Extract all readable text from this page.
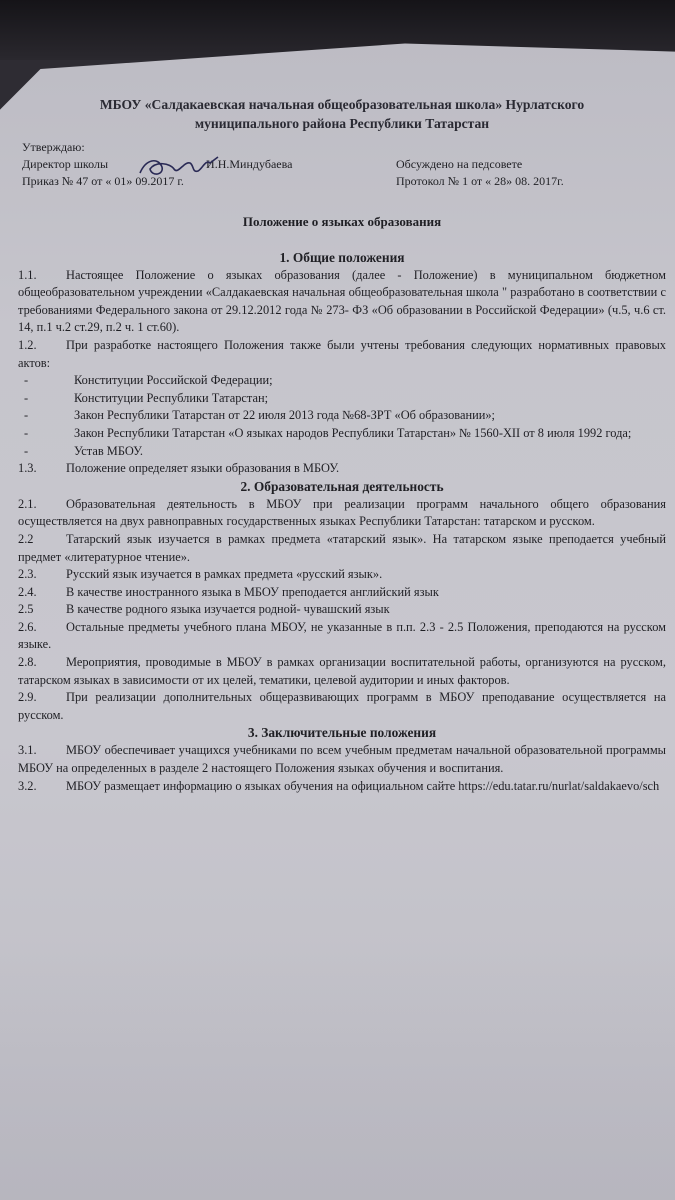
МБОУ «Салдакаевская начальная общеобразовательная школа» Нурлатского
муниципального района Республики Татарстан
Утверждаю:
Директор школы	И.Н.Миндубаева
Приказ № 47 от « 01» 09.2017 г.
Обсуждено на педсовете
Протокол № 1 от « 28» 08. 2017г.
Положение о языках образования
1. Общие положения

1.1. Настоящее Положение о языках образования (далее - Положение) в муниципальном бюджетном общеобразовательном учреждении «Салдакаевская начальная общеобразовательная школа " разработано в соответствии с требованиями Федерального закона от 29.12.2012 года № 273- ФЗ «Об образовании в Российской Федерации» (ч.5, ч.6 ст. 14, п.1 ч.2 ст.29, п.2 ч. 1 ст.60).

1.2. При разработке настоящего Положения также были учтены требования следующих нормативных правовых актов:

-	Конституции Российской Федерации;

-	Конституции Республики Татарстан;

-	Закон Республики Татарстан от 22 июля 2013 года №68-ЗРТ «Об образовании»;

-	Закон Республики Татарстан «О языках народов Республики Татарстан» № 1560-XII от 8 июля 1992 года;

-	Устав МБОУ.

1.3. Положение определяет языки образования в МБОУ.

2. Образовательная деятельность

2.1. Образовательная деятельность в МБОУ при реализации программ начального общего образования осуществляется на двух равноправных государственных языках Республики Татарстан: татарском и русском.

2.2	Татарский язык изучается в рамках предмета «татарский язык». На татарском языке преподается учебный предмет «литературное чтение».

2.3. Русский язык изучается в рамках предмета «русский язык».

2.4. В качестве иностранного языка в МБОУ преподается английский язык

2.5	В качестве родного языка изучается родной- чувашский язык

2.6. Остальные предметы учебного плана МБОУ, не указанные в п.п. 2.3 - 2.5 Положения, преподаются на русском языке.

2.8. Мероприятия, проводимые в МБОУ в рамках организации воспитательной работы, организуются на русском, татарском языках в зависимости от их целей, тематики, целевой аудитории и иных факторов.

2.9. При реализации дополнительных общеразвивающих программ в МБОУ преподавание осуществляется на русском.

3. Заключительные положения

3.1. МБОУ обеспечивает учащихся учебниками по всем учебным предметам начальной образовательной программы МБОУ на определенных в разделе 2 настоящего Положения языках обучения и воспитания.

3.2. МБОУ размещает информацию о языках обучения на официальном сайте https://edu.tatar.ru/nurlat/saldakaevo/sch
